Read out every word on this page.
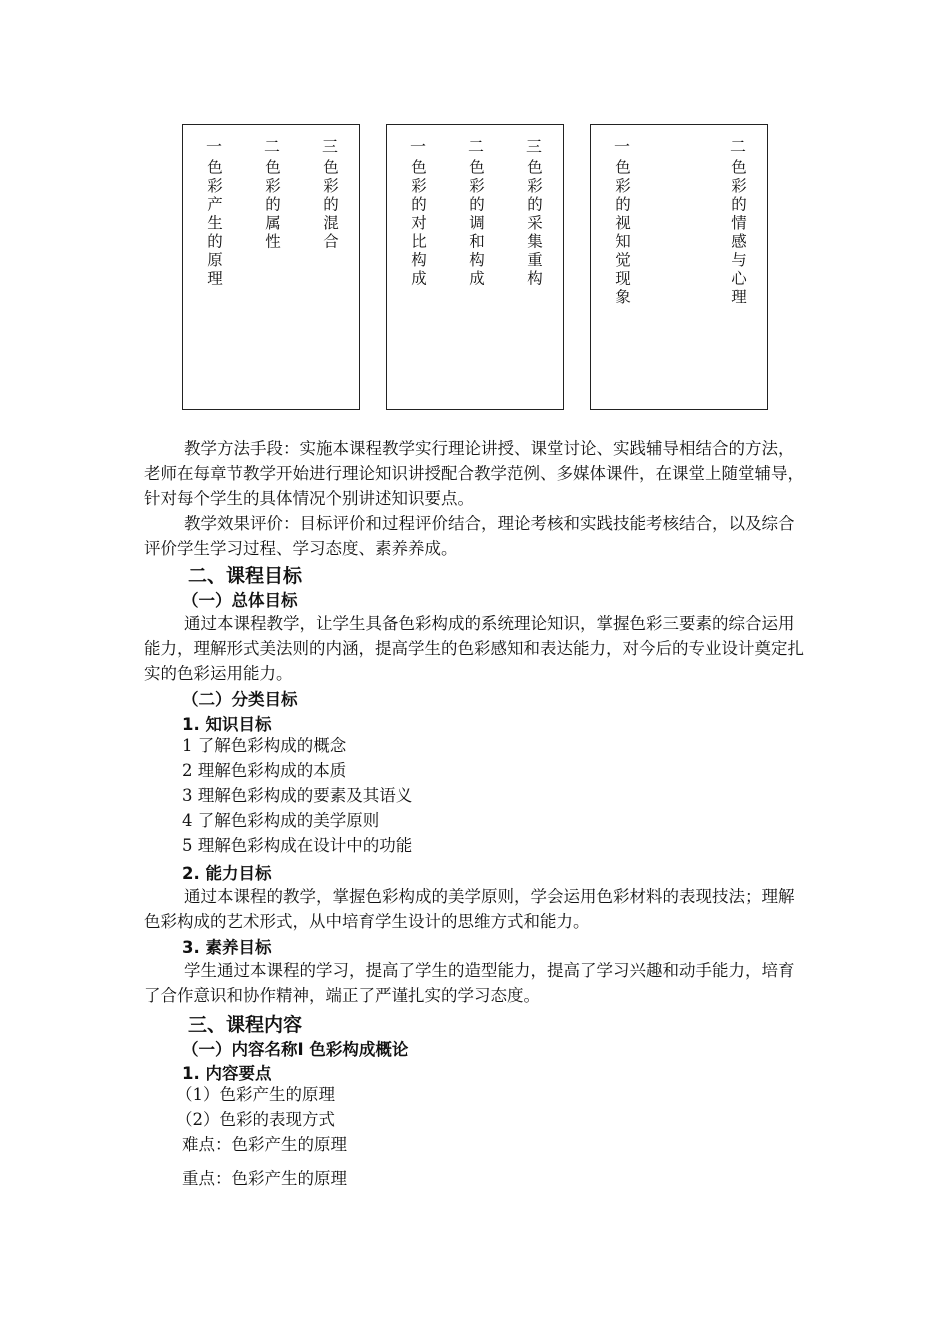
一
色彩产生的原理
二
色彩的属性
三
色彩的混合
一
色彩的对比构成
二
色彩的调和构成
三
色彩的采集重构
一
色彩的视知觉现象
二
色彩的情感与心理
教学方法手段：实施本课程教学实行理论讲授、课堂讨论、实践辅导相结合的方法，老师在每章节教学开始进行理论知识讲授配合教学范例、多媒体课件，在课堂上随堂辅导，针对每个学生的具体情况个别讲述知识要点。
教学效果评价：目标评价和过程评价结合，理论考核和实践技能考核结合，以及综合评价学生学习过程、学习态度、素养养成。
二、课程目标
（一）总体目标
通过本课程教学，让学生具备色彩构成的系统理论知识，掌握色彩三要素的综合运用能力，理解形式美法则的内涵，提高学生的色彩感知和表达能力，对今后的专业设计奠定扎实的色彩运用能力。
（二）分类目标
1. 知识目标
1 了解色彩构成的概念
2 理解色彩构成的本质
3 理解色彩构成的要素及其语义
4 了解色彩构成的美学原则
5 理解色彩构成在设计中的功能
2. 能力目标
通过本课程的教学，掌握色彩构成的美学原则，学会运用色彩材料的表现技法；理解色彩构成的艺术形式，从中培育学生设计的思维方式和能力。
3. 素养目标
学生通过本课程的学习，提高了学生的造型能力，提高了学习兴趣和动手能力，培育了合作意识和协作精神，端正了严谨扎实的学习态度。
三、课程内容
（一）内容名称Ⅰ 色彩构成概论
1. 内容要点
（1）色彩产生的原理
（2）色彩的表现方式
难点：色彩产生的原理
重点：色彩产生的原理
